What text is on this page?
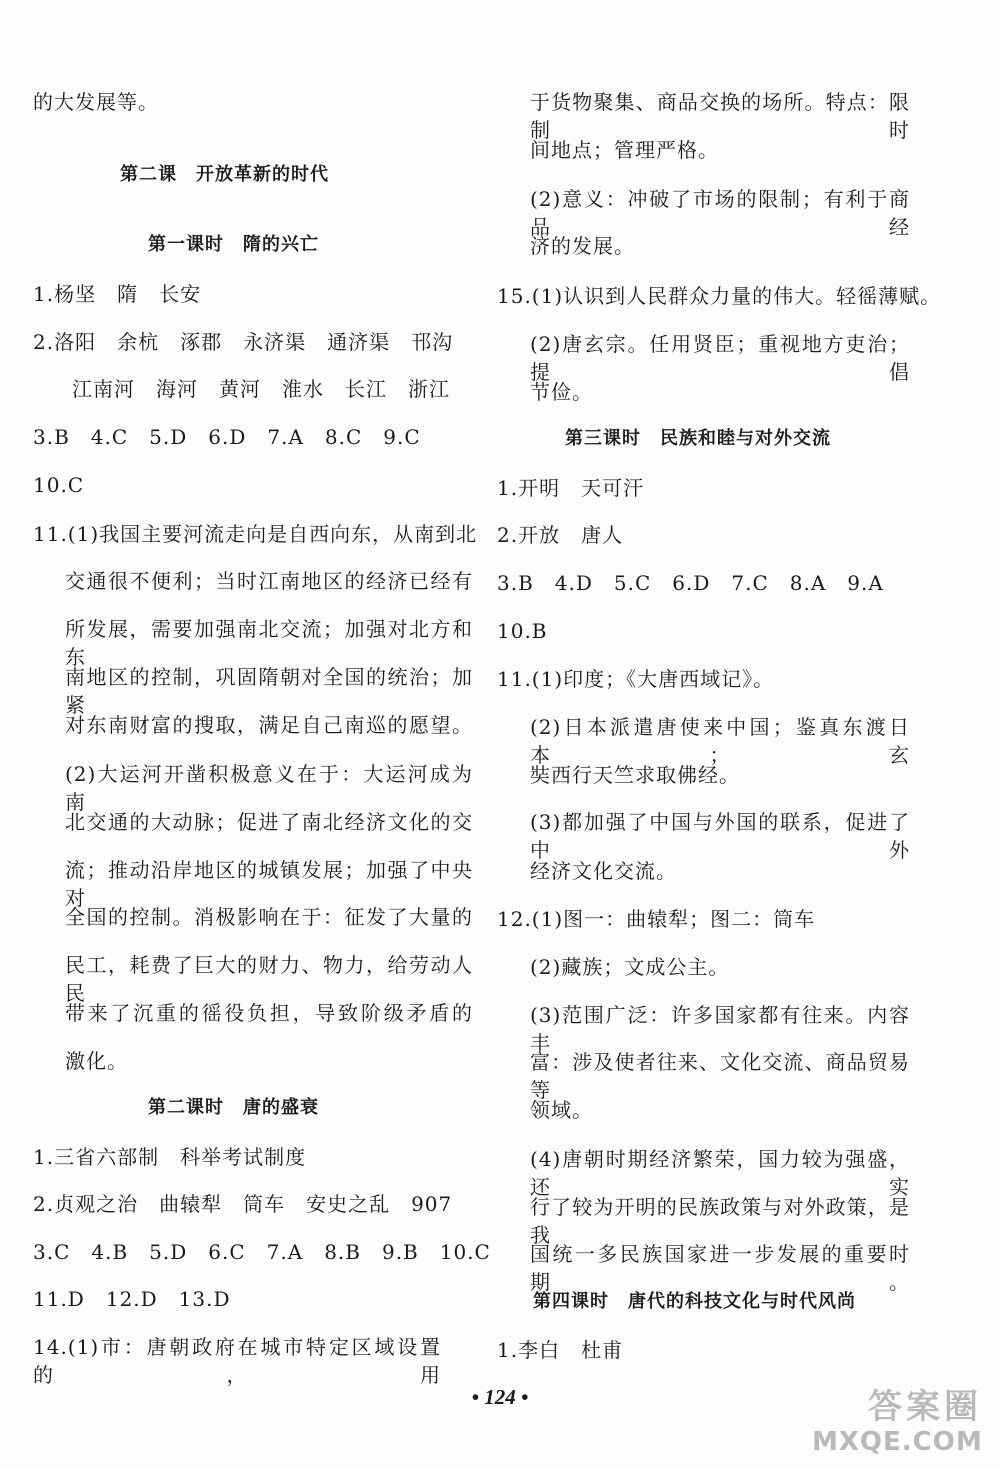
的大发展等。
第二课　开放革新的时代
第一课时　隋的兴亡
1.杨坚　隋　长安
2.洛阳　余杭　涿郡　永济渠　通济渠　邗沟
江南河　海河　黄河　淮水　长江　浙江
3.B　4.C　5.D　6.D　7.A　8.C　9.C
10.C
11.(1)我国主要河流走向是自西向东，从南到北
交通很不便利；当时江南地区的经济已经有
所发展，需要加强南北交流；加强对北方和东
南地区的控制，巩固隋朝对全国的统治；加紧
对东南财富的搜取，满足自己南巡的愿望。
(2)大运河开凿积极意义在于：大运河成为南
北交通的大动脉；促进了南北经济文化的交
流；推动沿岸地区的城镇发展；加强了中央对
全国的控制。消极影响在于：征发了大量的
民工，耗费了巨大的财力、物力，给劳动人民
带来了沉重的徭役负担，导致阶级矛盾的
激化。
第二课时　唐的盛衰
1.三省六部制　科举考试制度
2.贞观之治　曲辕犁　筒车　安史之乱　907
3.C　4.B　5.D　6.C　7.A　8.B　9.B　10.C
11.D　12.D　13.D
14.(1)市：唐朝政府在城市特定区域设置的，用
于货物聚集、商品交换的场所。特点：限制时
间地点；管理严格。
(2)意义：冲破了市场的限制；有利于商品经
济的发展。
15.(1)认识到人民群众力量的伟大。轻徭薄赋。
(2)唐玄宗。任用贤臣；重视地方吏治；提倡
节俭。
第三课时　民族和睦与对外交流
1.开明　天可汗
2.开放　唐人
3.B　4.D　5.C　6.D　7.C　8.A　9.A
10.B
11.(1)印度；《大唐西域记》。
(2)日本派遣唐使来中国；鉴真东渡日本；玄
奘西行天竺求取佛经。
(3)都加强了中国与外国的联系，促进了中外
经济文化交流。
12.(1)图一：曲辕犁；图二：筒车
(2)藏族；文成公主。
(3)范围广泛：许多国家都有往来。内容丰
富：涉及使者往来、文化交流、商品贸易等
领域。
(4)唐朝时期经济繁荣，国力较为强盛，还实
行了较为开明的民族政策与对外政策，是我
国统一多民族国家进一步发展的重要时期。
第四课时　唐代的科技文化与时代风尚
1.李白　杜甫
• 124 •	答案圈
MXQE.COM
